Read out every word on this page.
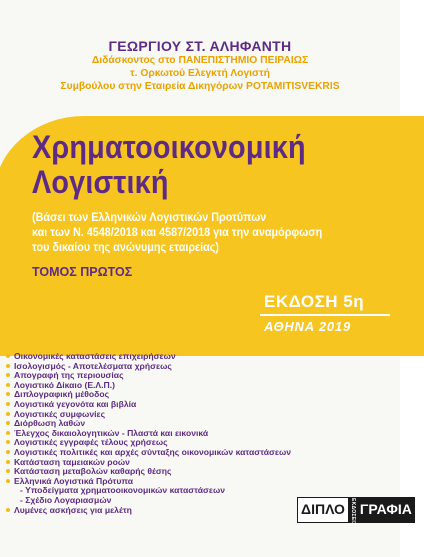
ΓΕΩΡΓΙΟΥ ΣΤ. ΑΛΗΦΑΝΤΗ
Διδάσκοντος στο ΠΑΝΕΠΙΣΤΗΜΙΟ ΠΕΙΡΑΙΩΣ
τ. Ορκωτού Ελεγκτή Λογιστή
Συμβούλου στην Εταιρεία Δικηγόρων POTAMITISVEKRIS
Χρηματοοικονομική
Λογιστική
(Βάσει των Ελληνικών Λογιστικών Προτύπων
και των Ν. 4548/2018 και 4587/2018 για την αναμόρφωση
του δικαίου της ανώνυμης εταιρείας)
ΤΟΜΟΣ ΠΡΩΤΟΣ
ΕΚΔΟΣΗ 5η
ΑΘΗΝΑ 2019
Οικονομικές καταστάσεις επιχειρήσεων
Ισολογισμός - Αποτελέσματα χρήσεως
Απογραφή της περιουσίας
Λογιστικό Δίκαιο (Ε.Λ.Π.)
Διπλογραφική μέθοδος
Λογιστικά γεγονότα και βιβλία
Λογιστικές συμφωνίες
Διόρθωση λαθών
Έλεγχος δικαιολογητικών - Πλαστά και εικονικά
Λογιστικές εγγραφές τέλους χρήσεως
Λογιστικές πολιτικές και αρχές σύνταξης οικονομικών καταστάσεων
Κατάσταση ταμειακών ροών
Κατάσταση μεταβολών καθαρής θέσης
Ελληνικά Λογιστικά Πρότυπα
- Υποδείγματα χρηματοοικονομικών καταστάσεων
- Σχέδιο Λογαριασμών
Λυμένες ασκήσεις για μελέτη	ΔΙΠΛΟ	ΕΚΔΟΣΕΙΣ ΓΡΑΦΙΑ
